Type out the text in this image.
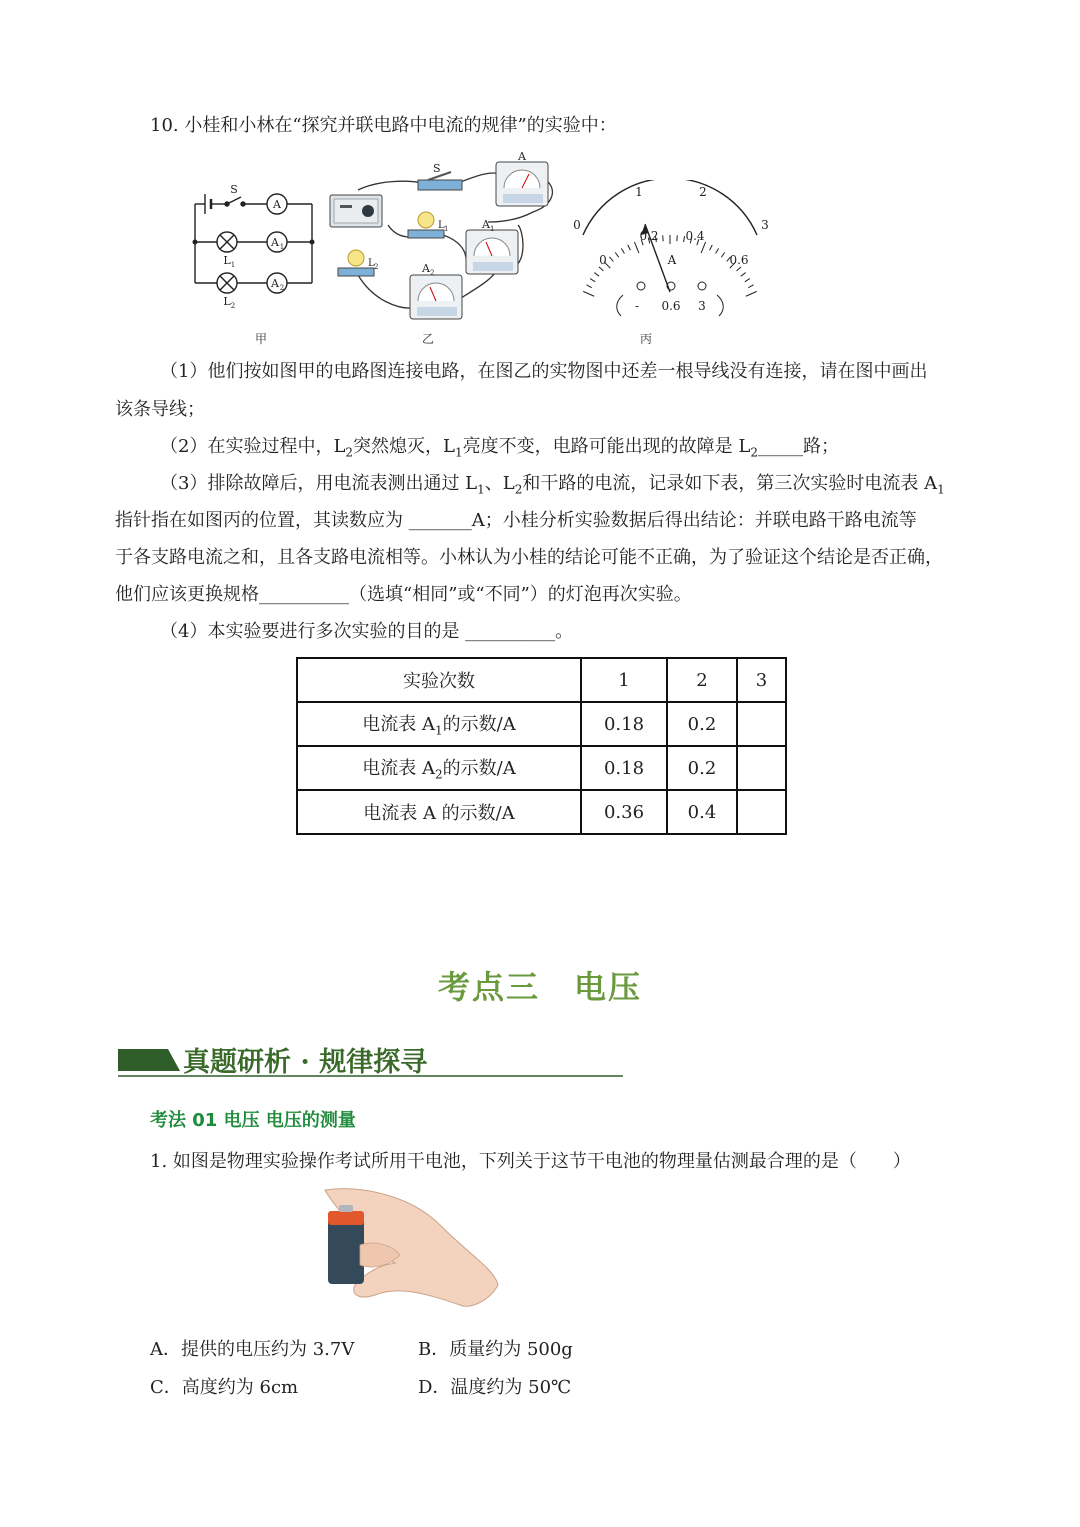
10. 小桂和小林在“探究并联电路中电流的规律”的实验中：
S
A
A 1
A 2
L 1
L 2
S
A
L 1	A 1
L 2	A 2
0
1	2
3
0
0.2 0.4
0.6
A
- 0.6 3
甲	乙	丙
（1）他们按如图甲的电路图连接电路，在图乙的实物图中还差一根导线没有连接，请在图中画出
该条导线；
（2）在实验过程中，$L_2$突然熄灭，$L_1$亮度不变，电路可能出现的故障是 $L_2\_\_\_\_\_$路；
（3）排除故障后，用电流表测出通过 $L_1$、$L_2$和干路的电流，记录如下表，第三次实验时电流表 $A_1$
指针指在如图丙的位置，其读数应为 _______A；小桂分析实验数据后得出结论：并联电路干路电流等
于各支路电流之和，且各支路电流相等。小林认为小桂的结论可能不正确，为了验证这个结论是否正确，
他们应该更换规格__________（选填“相同”或“不同”）的灯泡再次实验。
（4）本实验要进行多次实验的目的是 __________。
实验次数	1	2	3
电流表 $A_1$的示数/A	0.18	0.2	
电流表 $A_2$的示数/A	0.18	0.2	
电流表 A 的示数/A	0.36	0.4	
考点三　电压
真题研析 · 规律探寻
考法 01 电压 电压的测量
1. 如图是物理实验操作考试所用干电池，下列关于这节干电池的物理量估测最合理的是（　　）
A．提供的电压约为 3.7V	B．质量约为 500g
C．高度约为 6cm	D．温度约为 50℃
